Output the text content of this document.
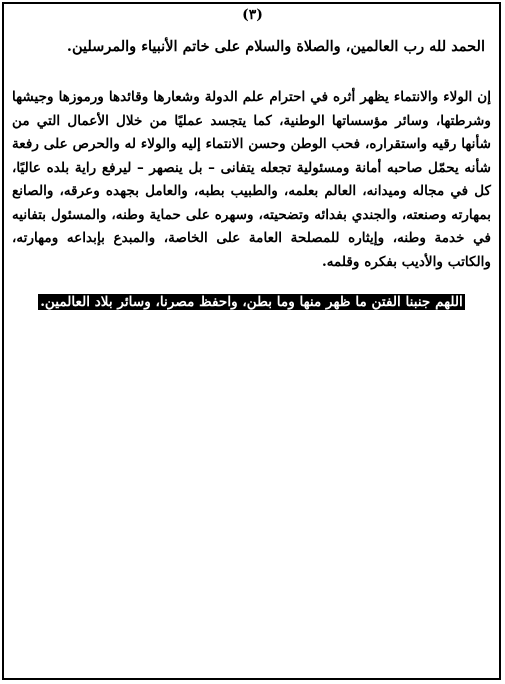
(٣)

الحمد لله رب العالمين، والصلاة والسلام على خاتم الأنبياء والمرسلين.

إن الولاء والانتماء يظهر أثره في احترام علم الدولة وشعارها وقائدها ورموزها وجيشها وشرطتها، وسائر مؤسساتها الوطنية، كما يتجسد عمليًا من خلال الأعمال التي من شأنها رقيه واستقراره، فحب الوطن وحسن الانتماء إليه والولاء له والحرص على رفعة شأنه يحمّل صاحبه أمانة ومسئولية تجعله يتفانى – بل ينصهر – ليرفع راية بلده عاليًا، كل في مجاله وميدانه، العالم بعلمه، والطبيب بطبه، والعامل بجهده وعرقه، والصانع بمهارته وصنعته، والجندي بفدائه وتضحيته، وسهره على حماية وطنه، والمسئول بتفانيه في خدمة وطنه، وإيثاره للمصلحة العامة على الخاصة، والمبدع بإبداعه ومهارته، والكاتب والأديب بفكره وقلمه.

اللهم جنبنا الفتن ما ظهر منها وما بطن، واحفظ مصرنا، وسائر بلاد العالمين.
